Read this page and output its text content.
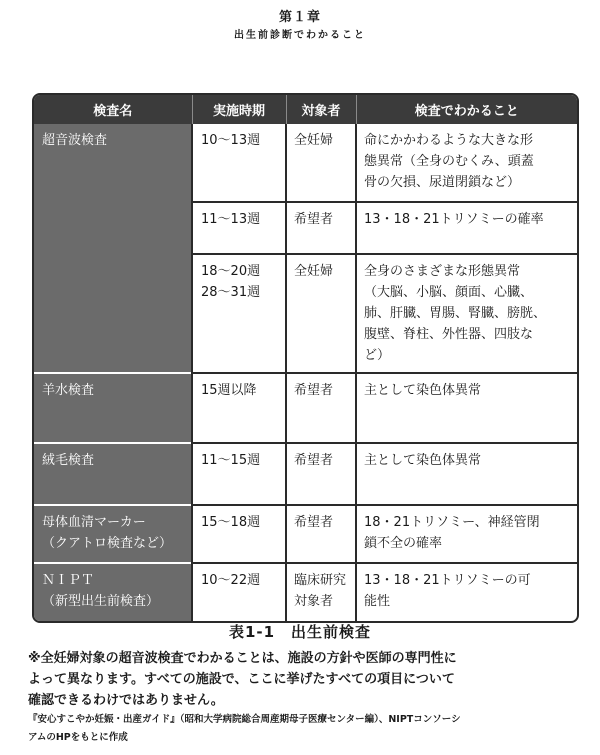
第１章
出生前診断でわかること
検査名	実施時期	対象者	検査でわかること

超音波検査	10〜13週	全妊婦	命にかかわるような大きな形
態異常（全身のむくみ、頭蓋
骨の欠損、尿道閉鎖など）

	11〜13週	希望者	13・18・21トリソミーの確率

	18〜20週
28〜31週	全妊婦	全身のさまざまな形態異常
（大脳、小脳、顔面、心臓、
肺、肝臓、胃腸、腎臓、膀胱、
腹壁、脊柱、外性器、四肢な
ど）

羊水検査	15週以降	希望者	主として染色体異常

絨毛検査	11〜15週	希望者	主として染色体異常

母体血清マーカー
（クアトロ検査など）	15〜18週	希望者	18・21トリソミー、神経管閉
鎖不全の確率

ＮＩＰＴ
（新型出生前検査）	10〜22週	臨床研究
対象者	13・18・21トリソミーの可
能性
表1-1　出生前検査
※全妊婦対象の超音波検査でわかることは、施設の方針や医師の専門性に
よって異なります。すべての施設で、ここに挙げたすべての項目について
確認できるわけではありません。
『安心すこやか妊娠・出産ガイド』（昭和大学病院総合周産期母子医療センター編）、NIPTコンソーシ
アムのHPをもとに作成
